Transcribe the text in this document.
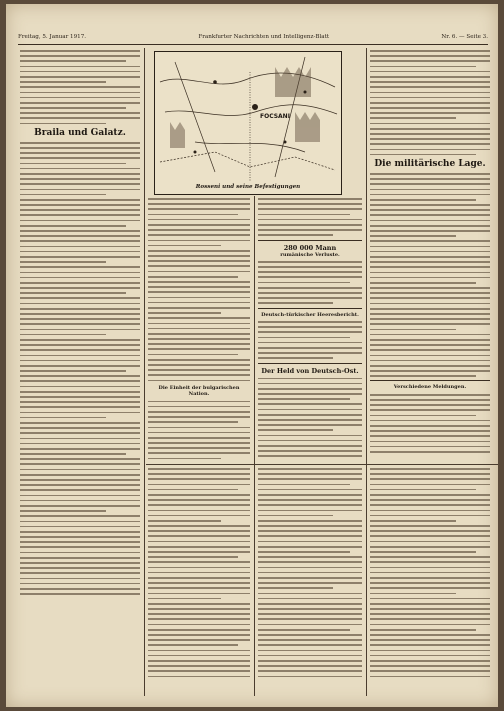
Freitag, 5. Januar 1917.	Frankfurter Nachrichten und Intelligenz-Blatt	Nr. 6. — Seite 3.
FOCSANI
Rosseni und seine Befestigungen
Braila und Galatz.
Die Einheit der bulgarischen Nation.
280 000 Mann
rumänische Verluste.
Deutsch-türkischer Heeresbericht.
Der Held von Deutsch-Ost.
Die militärische Lage.
Verschiedene Meldungen.
